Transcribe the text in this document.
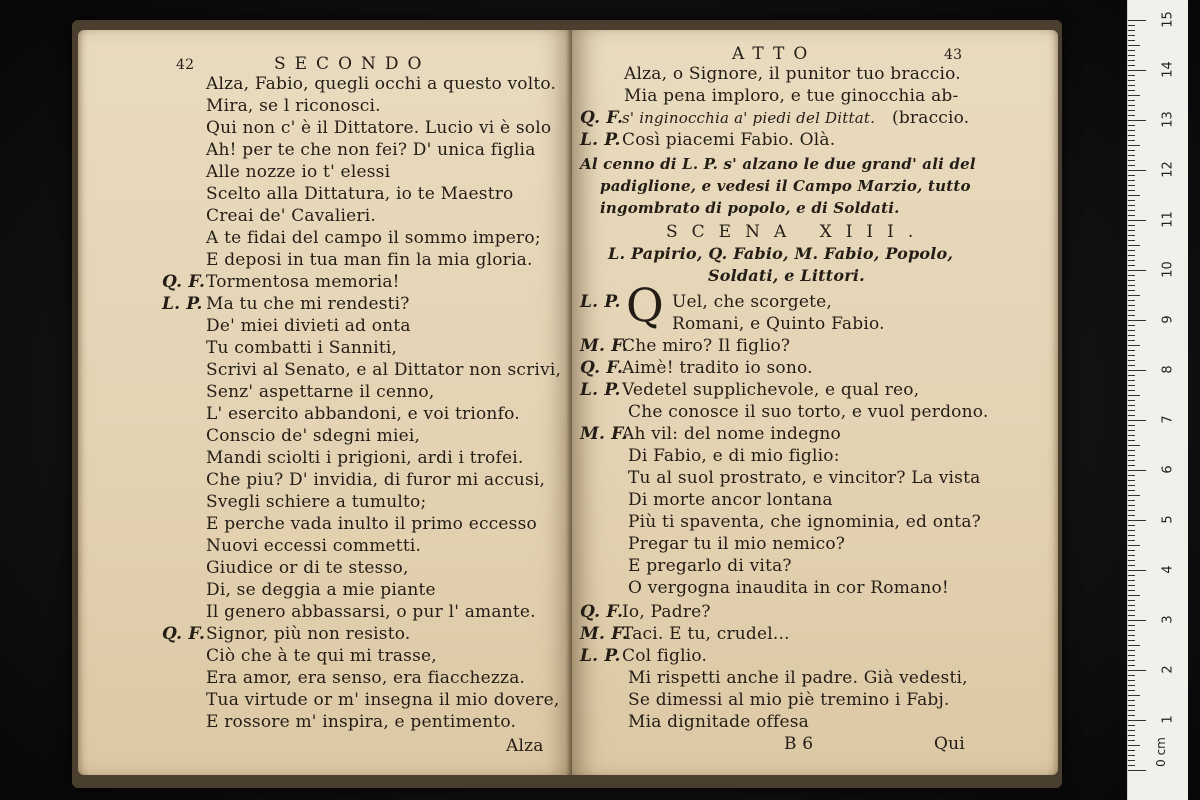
42	SECONDO
Alza, Fabio, quegli occhi a questo volto.
Mira, se l riconosci.
Qui non c' è il Dittatore. Lucio vi è solo
Ah! per te che non fei? D' unica figlia
Alle nozze io t' elessi
Scelto alla Dittatura, io te Maestro
Creai de' Cavalieri.
A te fidai del campo il sommo impero;
E deposi in tua man fin la mia gloria.
Q. F. Tormentosa memoria!
L. P. Ma tu che mi rendesti?
De' miei divieti ad onta
Tu combatti i Sanniti,
Scrivi al Senato, e al Dittator non scrivi,
Senz' aspettarne il cenno,
L' esercito abbandoni, e voi trionfo.
Conscio de' sdegni miei,
Mandi sciolti i prigioni, ardi i trofei.
Che piu? D' invidia, di furor mi accusi,
Svegli schiere a tumulto;
E perche vada inulto il primo eccesso
Nuovi eccessi commetti.
Giudice or di te stesso,
Di, se deggia a mie piante
Il genero abbassarsi, o pur l' amante.
Q. F. Signor, più non resisto.
Ciò che à te qui mi trasse,
Era amor, era senso, era fiacchezza.
Tua virtude or m' insegna il mio dovere,
E rossore m' inspira, e pentimento.
Alza
ATTO	43
Alza, o Signore, il punitor tuo braccio.
Mia pena imploro, e tue ginocchia ab-
Q. F.
s' inginocchia a' piedi del Dittat. (braccio.
L. P. Così piacemi Fabio. Olà.
Al cenno di L. P. s' alzano le due grand' ali del
padiglione, e vedesi il Campo Marzio, tutto
ingombrato di popolo, e di Soldati.
SCENA XIII.
L. Papirio, Q. Fabio, M. Fabio, Popolo,
Soldati, e Littori.
L. P. Q Uel, che scorgete,
Romani, e Quinto Fabio.
M. F.
Che miro? Il figlio?
Q. F.
Aimè! tradito io sono.
L. P. Vedetel supplichevole, e qual reo,
Che conosce il suo torto, e vuol perdono.
M. F.
Ah vil: del nome indegno
Di Fabio, e di mio figlio:
Tu al suol prostrato, e vincitor? La vista
Di morte ancor lontana
Più ti spaventa, che ignominia, ed onta?
Pregar tu il mio nemico?
E pregarlo di vita?
O vergogna inaudita in cor Romano!
Q. F.
Io, Padre?
M. F.
Taci. E tu, crudel...
L. P. Col figlio.
Mi rispetti anche il padre. Già vedesti,
Se dimessi al mio piè tremino i Fabj.
Mia dignitade offesa
B 6	Qui	0 cm
1
2
3
4
5
6
7
8
9
10
11
12
13
14
15
